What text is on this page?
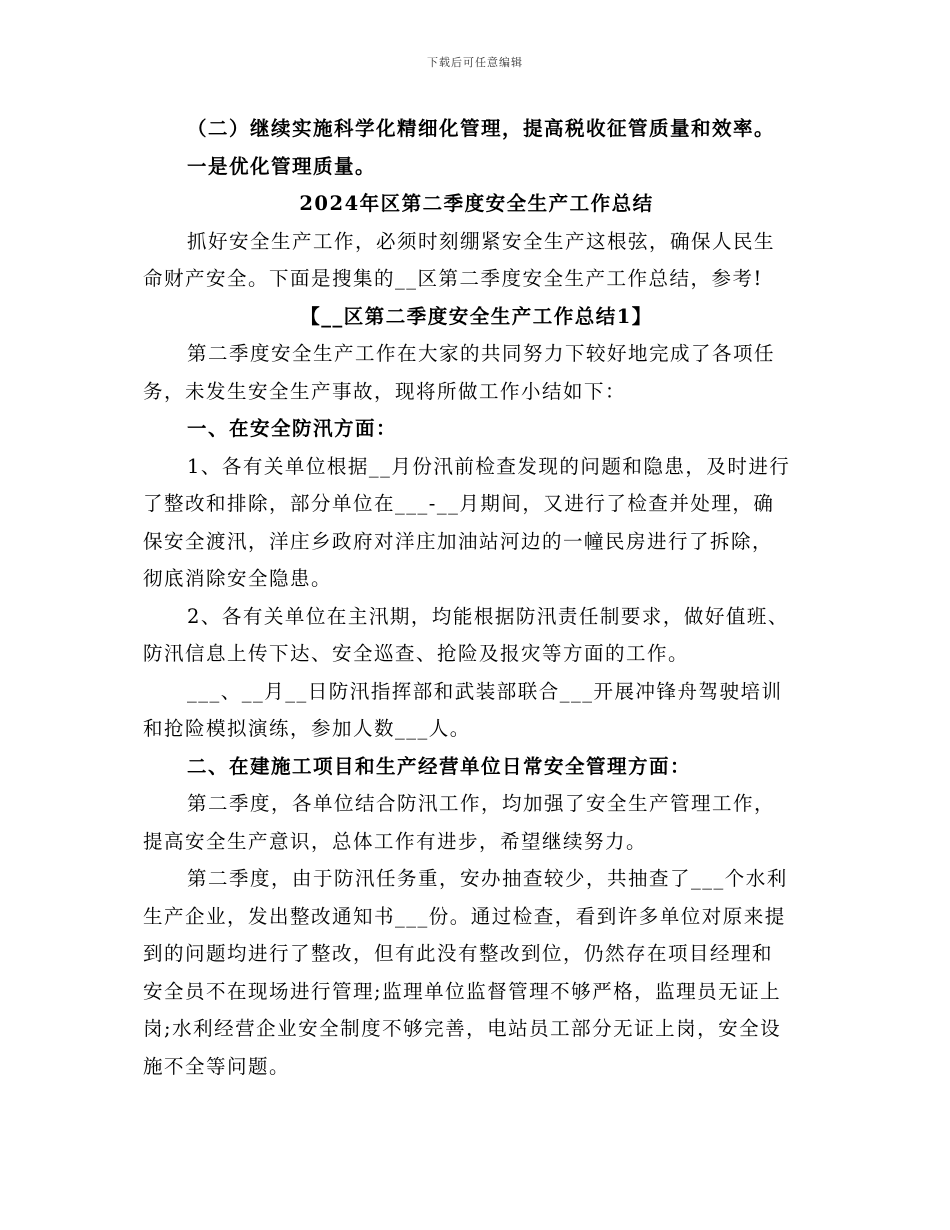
下载后可任意编辑

（二）继续实施科学化精细化管理，提高税收征管质量和效率。

一是优化管理质量。

2024年区第二季度安全生产工作总结

抓好安全生产工作，必须时刻绷紧安全生产这根弦，确保人民生

命财产安全。下面是搜集的__区第二季度安全生产工作总结，参考!

【__区第二季度安全生产工作总结1】

第二季度安全生产工作在大家的共同努力下较好地完成了各项任

务，未发生安全生产事故，现将所做工作小结如下：

一、在安全防汛方面：

1、各有关单位根据__月份汛前检查发现的问题和隐患，及时进行

了整改和排除，部分单位在___-__月期间，又进行了检查并处理，确

保安全渡汛，洋庄乡政府对洋庄加油站河边的一幢民房进行了拆除，

彻底消除安全隐患。

2、各有关单位在主汛期，均能根据防汛责任制要求，做好值班、

防汛信息上传下达、安全巡查、抢险及报灾等方面的工作。

___、__月__日防汛指挥部和武装部联合___开展冲锋舟驾驶培训

和抢险模拟演练，参加人数___人。

二、在建施工项目和生产经营单位日常安全管理方面：

第二季度，各单位结合防汛工作，均加强了安全生产管理工作，

提高安全生产意识，总体工作有进步，希望继续努力。

第二季度，由于防汛任务重，安办抽查较少，共抽查了___个水利

生产企业，发出整改通知书___份。通过检查，看到许多单位对原来提

到的问题均进行了整改，但有此没有整改到位，仍然存在项目经理和

安全员不在现场进行管理;监理单位监督管理不够严格，监理员无证上

岗;水利经营企业安全制度不够完善，电站员工部分无证上岗，安全设

施不全等问题。
